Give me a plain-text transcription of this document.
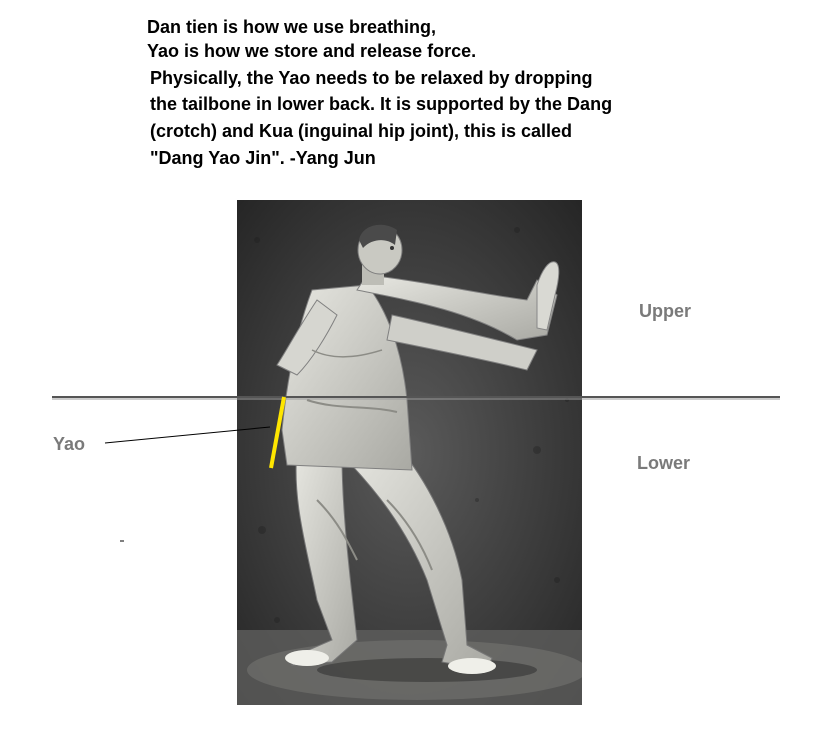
Dan tien is how we use breathing,
Yao is how we store and release force.
Physically, the Yao needs to be relaxed by dropping
the tailbone in lower back. It is supported by the Dang
(crotch) and Kua (inguinal hip joint), this is called
"Dang Yao Jin". -Yang Jun
Upper
Lower
Yao
